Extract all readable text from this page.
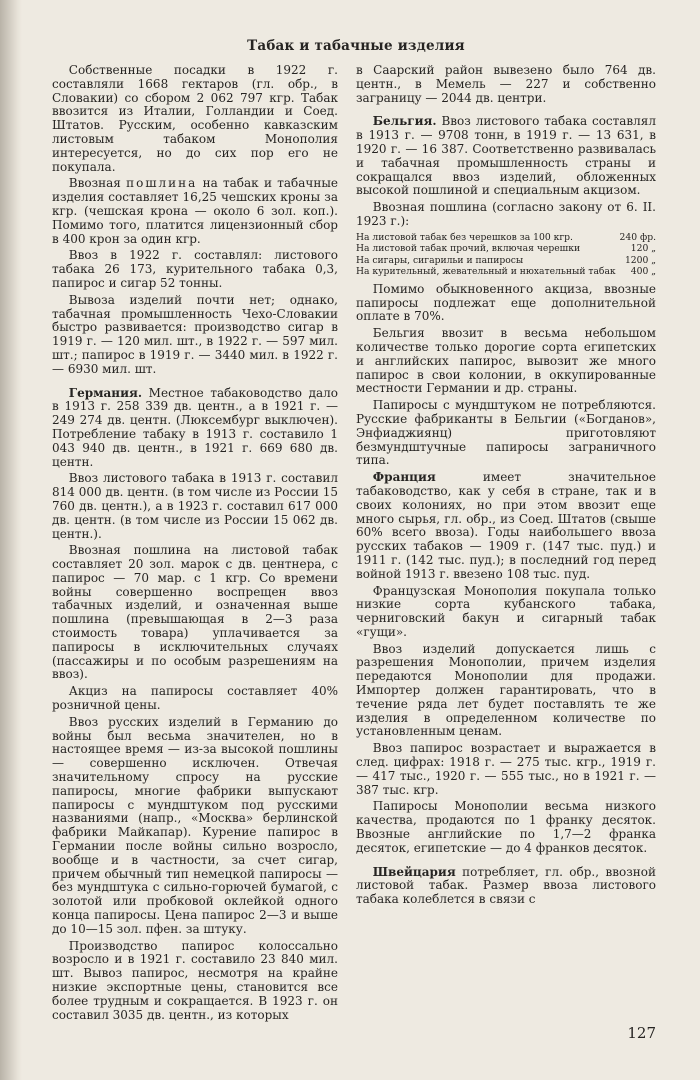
Табак и табачные изделия

Собственные посадки в 1922 г. составляли 1668 гектаров (гл. обр., в Словакии) со сбором 2 062 797 кгр. Табак ввозится из Италии, Голландии и Соед. Штатов. Русским, особенно кавказским листовым табаком Монополия интересуется, но до сих пор его не покупала.

Ввозная пошлина на табак и табачные изделия составляет 16,25 чешских кроны за кгр. (чешская крона — около 6 зол. коп.). Помимо того, платится лицензионный сбор в 400 крон за один кгр.

Ввоз в 1922 г. составлял: листового табака 26 173, курительного табака 0,3, папирос и сигар 52 тонны.

Вывоза изделий почти нет; однако, табачная промышленность Чехо-Словакии быстро развивается: производство сигар в 1919 г. — 120 мил. шт., в 1922 г. — 597 мил. шт.; папирос в 1919 г. — 3440 мил. в 1922 г. — 6930 мил. шт.

Германия. Местное табаководство дало в 1913 г. 258 339 дв. центн., а в 1921 г. — 249 274 дв. центн. (Люксембург выключен). Потребление табаку в 1913 г. составило 1 043 940 дв. центн., в 1921 г. 669 680 дв. центн.

Ввоз листового табака в 1913 г. составил 814 000 дв. центн. (в том числе из России 15 760 дв. центн.), а в 1923 г. составил 617 000 дв. центн. (в том числе из России 15 062 дв. центн.).

Ввозная пошлина на листовой табак составляет 20 зол. марок с дв. центнера, с папирос — 70 мар. с 1 кгр. Со времени войны совершенно воспрещен ввоз табачных изделий, и означенная выше пошлина (превышающая в 2—3 раза стоимость товара) уплачивается за папиросы в исключительных случаях (пассажиры и по особым разрешениям на ввоз).

Акциз на папиросы составляет 40% розничной цены.

Ввоз русских изделий в Германию до войны был весьма значителен, но в настоящее время — из-за высокой пошлины — совершенно исключен. Отвечая значительному спросу на русские папиросы, многие фабрики выпускают папиросы с мундштуком под русскими названиями (напр., «Москва» берлинской фабрики Майкапар). Курение папирос в Германии после войны сильно возросло, вообще и в частности, за счет сигар, причем обычный тип немецкой папиросы — без мундштука с сильно-горючей бумагой, с золотой или пробковой оклейкой одного конца папиросы. Цена папирос 2—3 и выше до 10—15 зол. пфен. за штуку.

Производство папирос колоссально возросло и в 1921 г. составило 23 840 мил. шт. Вывоз папирос, несмотря на крайне низкие экспортные цены, становится все более трудным и сокращается. В 1923 г. он составил 3035 дв. центн., из которых

в Саарский район вывезено было 764 дв. центн., в Мемель — 227 и собственно заграницу — 2044 дв. центри.

Бельгия. Ввоз листового табака составлял в 1913 г. — 9708 тонн, в 1919 г. — 13 631, в 1920 г. — 16 387. Соответственно развивалась и табачная промышленность страны и сокращался ввоз изделий, обложенных высокой пошлиной и специальным акцизом.

Ввозная пошлина (согласно закону от 6. II. 1923 г.):

На листовой табак без черешков за 100 кгр.	240 фр.
На листовой табак прочий, включая черешки	120 „
На сигары, сигарильи и папиросы	1200 „
На курительный, жевательный и нюхательный табак	400 „

Помимо обыкновенного акциза, ввозные папиросы подлежат еще дополнительной оплате в 70%.

Бельгия ввозит в весьма небольшом количестве только дорогие сорта египетских и английских папирос, вывозит же много папирос в свои колонии, в оккупированные местности Германии и др. страны.

Папиросы с мундштуком не потребляются. Русские фабриканты в Бельгии («Богданов», Энфиаджиянц) приготовляют безмундштучные папиросы заграничного типа.

Франция имеет значительное табаководство, как у себя в стране, так и в своих колониях, но при этом ввозит еще много сырья, гл. обр., из Соед. Штатов (свыше 60% всего ввоза). Годы наибольшего ввоза русских табаков — 1909 г. (147 тыс. пуд.) и 1911 г. (142 тыс. пуд.); в последний год перед войной 1913 г. ввезено 108 тыс. пуд.

Французская Монополия покупала только низкие сорта кубанского табака, черниговский бакун и сигарный табак «гущи».

Ввоз изделий допускается лишь с разрешения Монополии, причем изделия передаются Монополии для продажи. Импортер должен гарантировать, что в течение ряда лет будет поставлять те же изделия в определенном количестве по установленным ценам.

Ввоз папирос возрастает и выражается в след. цифрах: 1918 г. — 275 тыс. кгр., 1919 г. — 417 тыс., 1920 г. — 555 тыс., но в 1921 г. — 387 тыс. кгр.

Папиросы Монополии весьма низкого качества, продаются по 1 франку десяток. Ввозные английские по 1,7—2 франка десяток, египетские — до 4 франков десяток.

Швейцария потребляет, гл. обр., ввозной листовой табак. Размер ввоза листового табака колеблется в связи с

127
